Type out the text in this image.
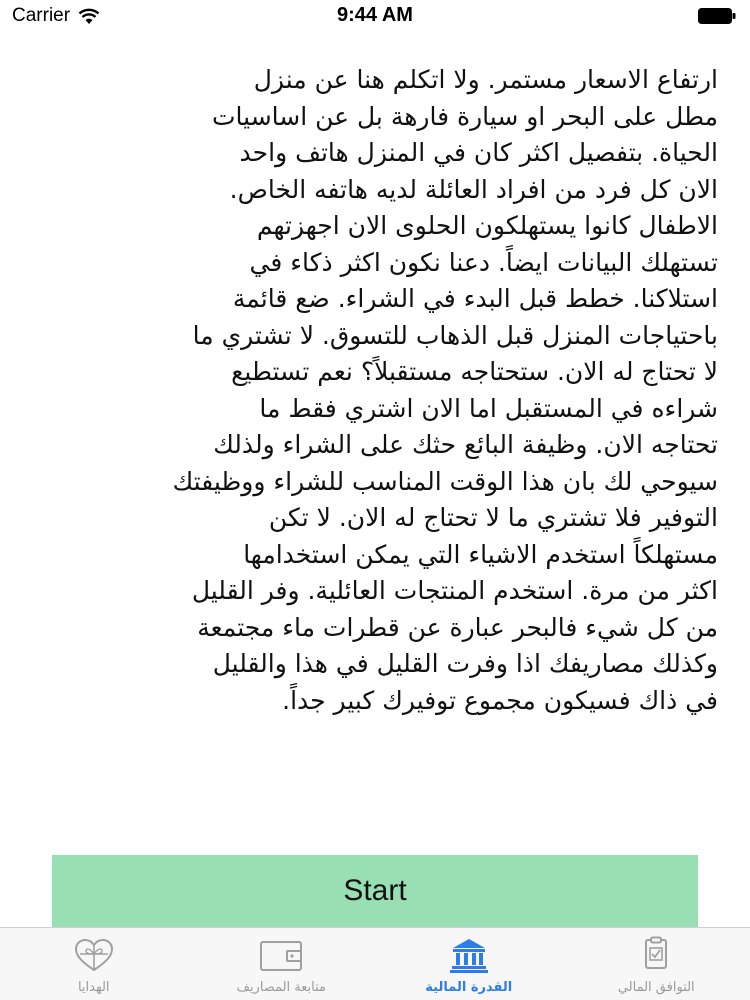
Carrier	9:44 AM
ارتفاع الاسعار مستمر. ولا اتكلم هنا عن منزل
مطل على البحر او سيارة فارهة بل عن اساسيات
الحياة. بتفصيل اكثر كان في المنزل هاتف واحد
الان كل فرد من افراد العائلة لديه هاتفه الخاص.
الاطفال كانوا يستهلكون الحلوى الان اجهزتهم
تستهلك البيانات ايضاً. دعنا نكون اكثر ذكاء في
استلاكنا. خطط قبل البدء في الشراء. ضع قائمة
باحتياجات المنزل قبل الذهاب للتسوق. لا تشتري ما
لا تحتاج له الان. ستحتاجه مستقبلاً؟ نعم تستطيع
شراءه في المستقبل اما الان اشتري فقط ما
تحتاجه الان. وظيفة البائع حثك على الشراء ولذلك
سيوحي لك بان هذا الوقت المناسب للشراء ووظيفتك
التوفير فلا تشتري ما لا تحتاج له الان. لا تكن
مستهلكاً استخدم الاشياء التي يمكن استخدامها
اكثر من مرة. استخدم المنتجات العائلية. وفر القليل
من كل شيء فالبحر عبارة عن قطرات ماء مجتمعة
وكذلك مصاريفك اذا وفرت القليل في هذا والقليل
في ذاك فسيكون مجموع توفيرك كبير جداً.
Start
التوافق المالي
القدرة المالية
متابعة المصاريف
الهدايا
